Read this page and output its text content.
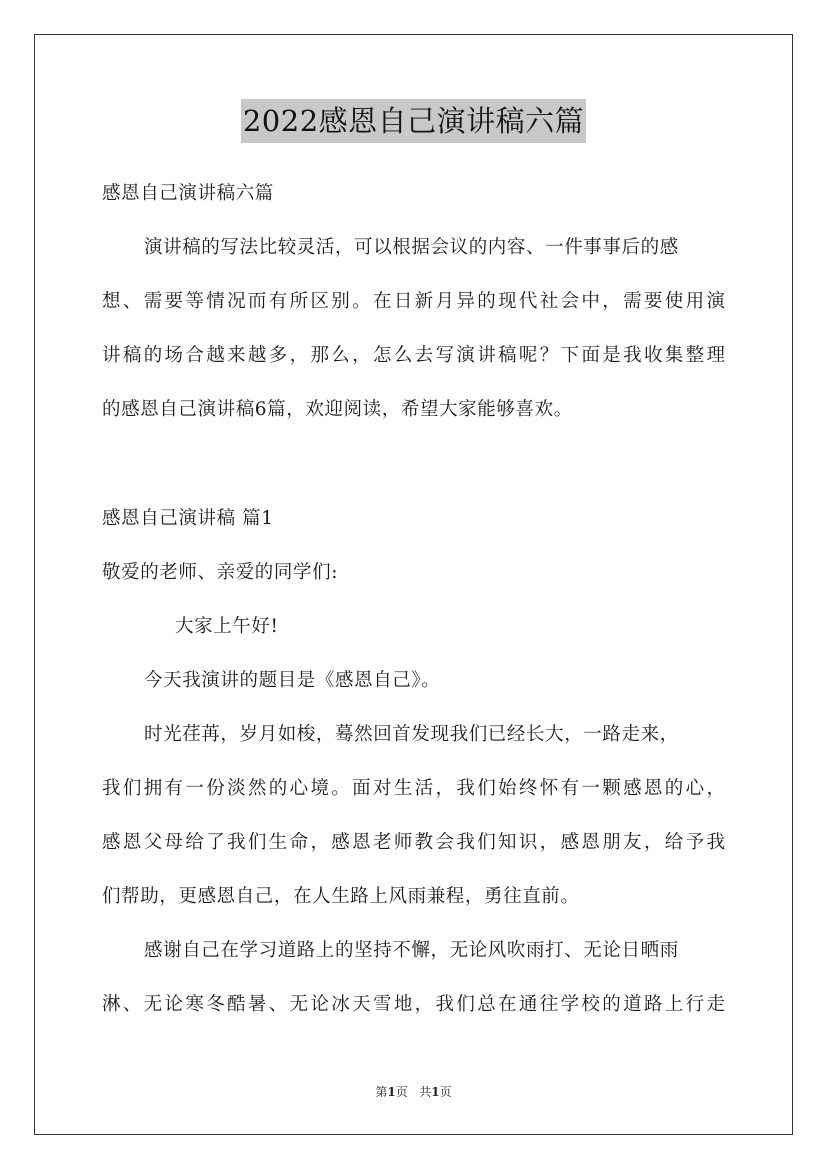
2022感恩自己演讲稿六篇
感恩自己演讲稿六篇
演讲稿的写法比较灵活，可以根据会议的内容、一件事事后的感
想、需要等情况而有所区别。在日新月异的现代社会中，需要使用演
讲稿的场合越来越多，那么，怎么去写演讲稿呢？下面是我收集整理
的感恩自己演讲稿6篇，欢迎阅读，希望大家能够喜欢。
感恩自己演讲稿 篇1
敬爱的老师、亲爱的同学们:
大家上午好!
今天我演讲的题目是《感恩自己》。
时光荏苒，岁月如梭，蓦然回首发现我们已经长大，一路走来，
我们拥有一份淡然的心境。面对生活，我们始终怀有一颗感恩的心，
感恩父母给了我们生命，感恩老师教会我们知识，感恩朋友，给予我
们帮助，更感恩自己，在人生路上风雨兼程，勇往直前。
感谢自己在学习道路上的坚持不懈，无论风吹雨打、无论日晒雨
淋、无论寒冬酷暑、无论冰天雪地，我们总在通往学校的道路上行走
第1页 共1页
